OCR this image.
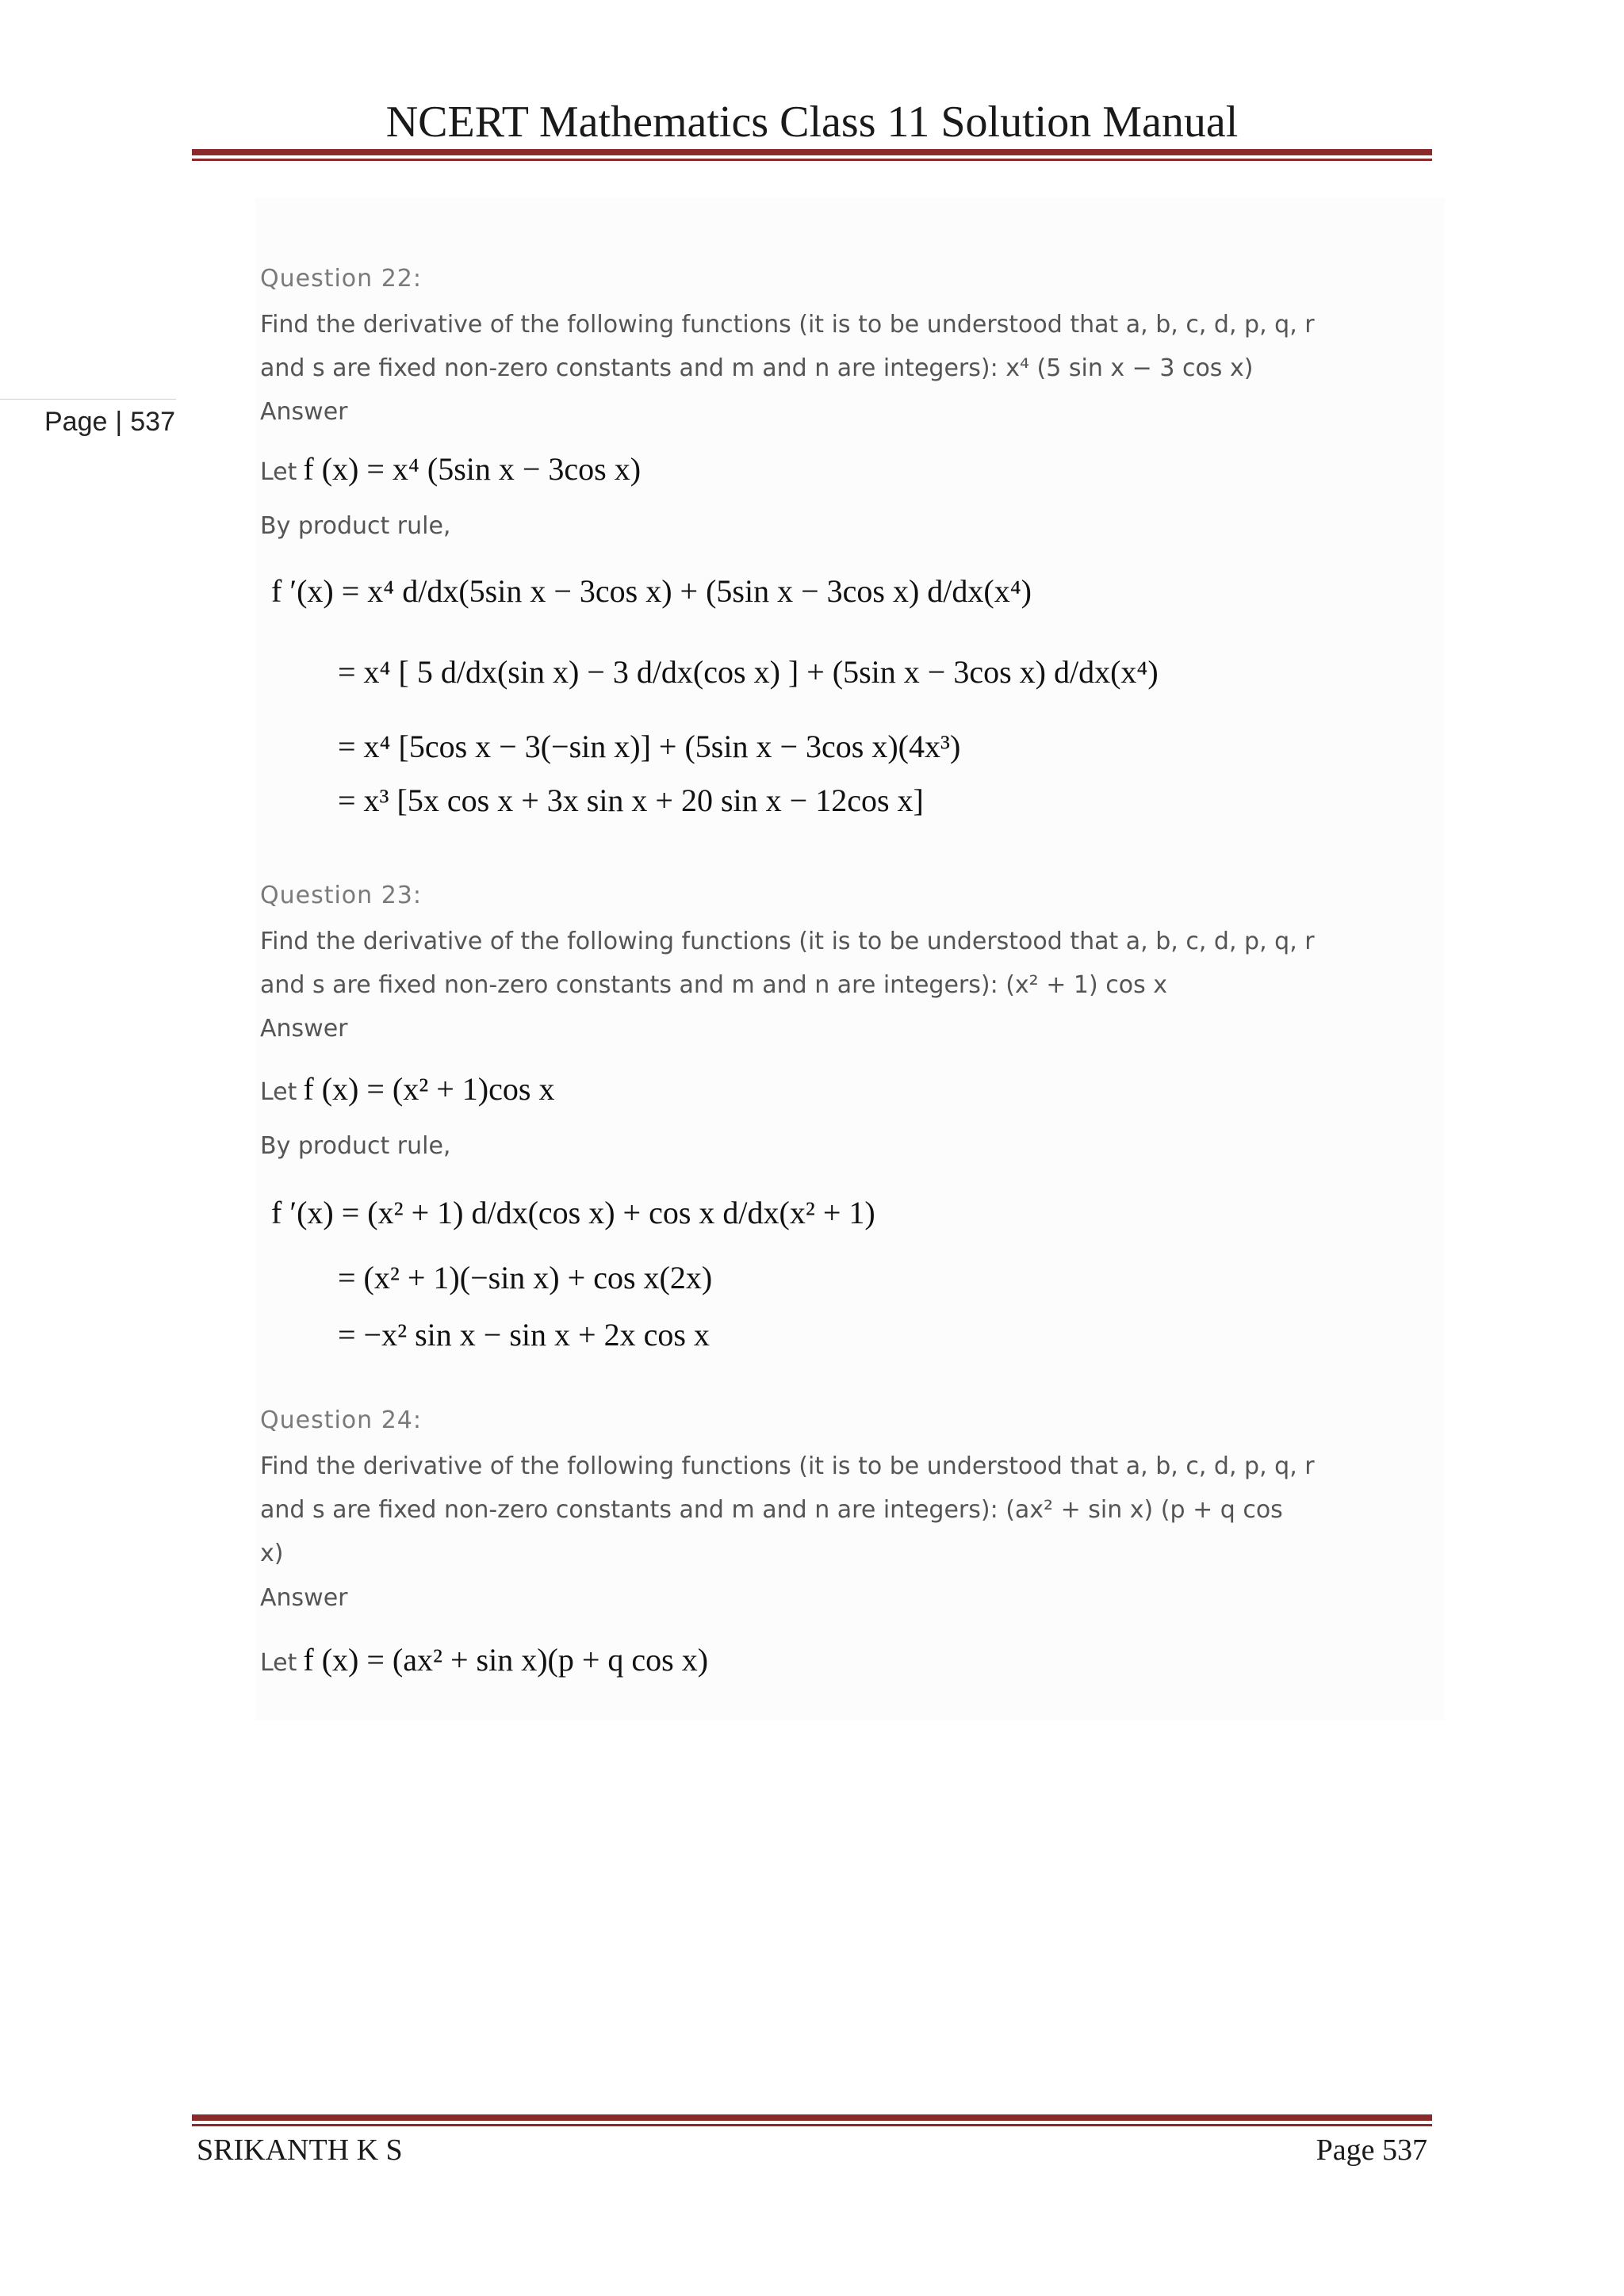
NCERT Mathematics Class 11 Solution Manual
Page | 537
Question 22:
Find the derivative of the following functions (it is to be understood that a, b, c, d, p, q, r
and s are fixed non-zero constants and m and n are integers): x⁴ (5 sin x − 3 cos x)
Answer
Let f (x) = x⁴ (5sin x − 3cos x)
By product rule,
f ′(x) = x⁴ d/dx(5sin x − 3cos x) + (5sin x − 3cos x) d/dx(x⁴)
= x⁴ [ 5 d/dx(sin x) − 3 d/dx(cos x) ] + (5sin x − 3cos x) d/dx(x⁴)
= x⁴ [5cos x − 3(−sin x)] + (5sin x − 3cos x)(4x³)
= x³ [5x cos x + 3x sin x + 20 sin x − 12cos x]
Question 23:
Find the derivative of the following functions (it is to be understood that a, b, c, d, p, q, r
and s are fixed non-zero constants and m and n are integers): (x² + 1) cos x
Answer
Let f (x) = (x² + 1)cos x
By product rule,
f ′(x) = (x² + 1) d/dx(cos x) + cos x d/dx(x² + 1)
= (x² + 1)(−sin x) + cos x(2x)
= −x² sin x − sin x + 2x cos x
Question 24:
Find the derivative of the following functions (it is to be understood that a, b, c, d, p, q, r
and s are fixed non-zero constants and m and n are integers): (ax² + sin x) (p + q cos
x)
Answer
Let f (x) = (ax² + sin x)(p + q cos x)
SRIKANTH K S	Page 537
